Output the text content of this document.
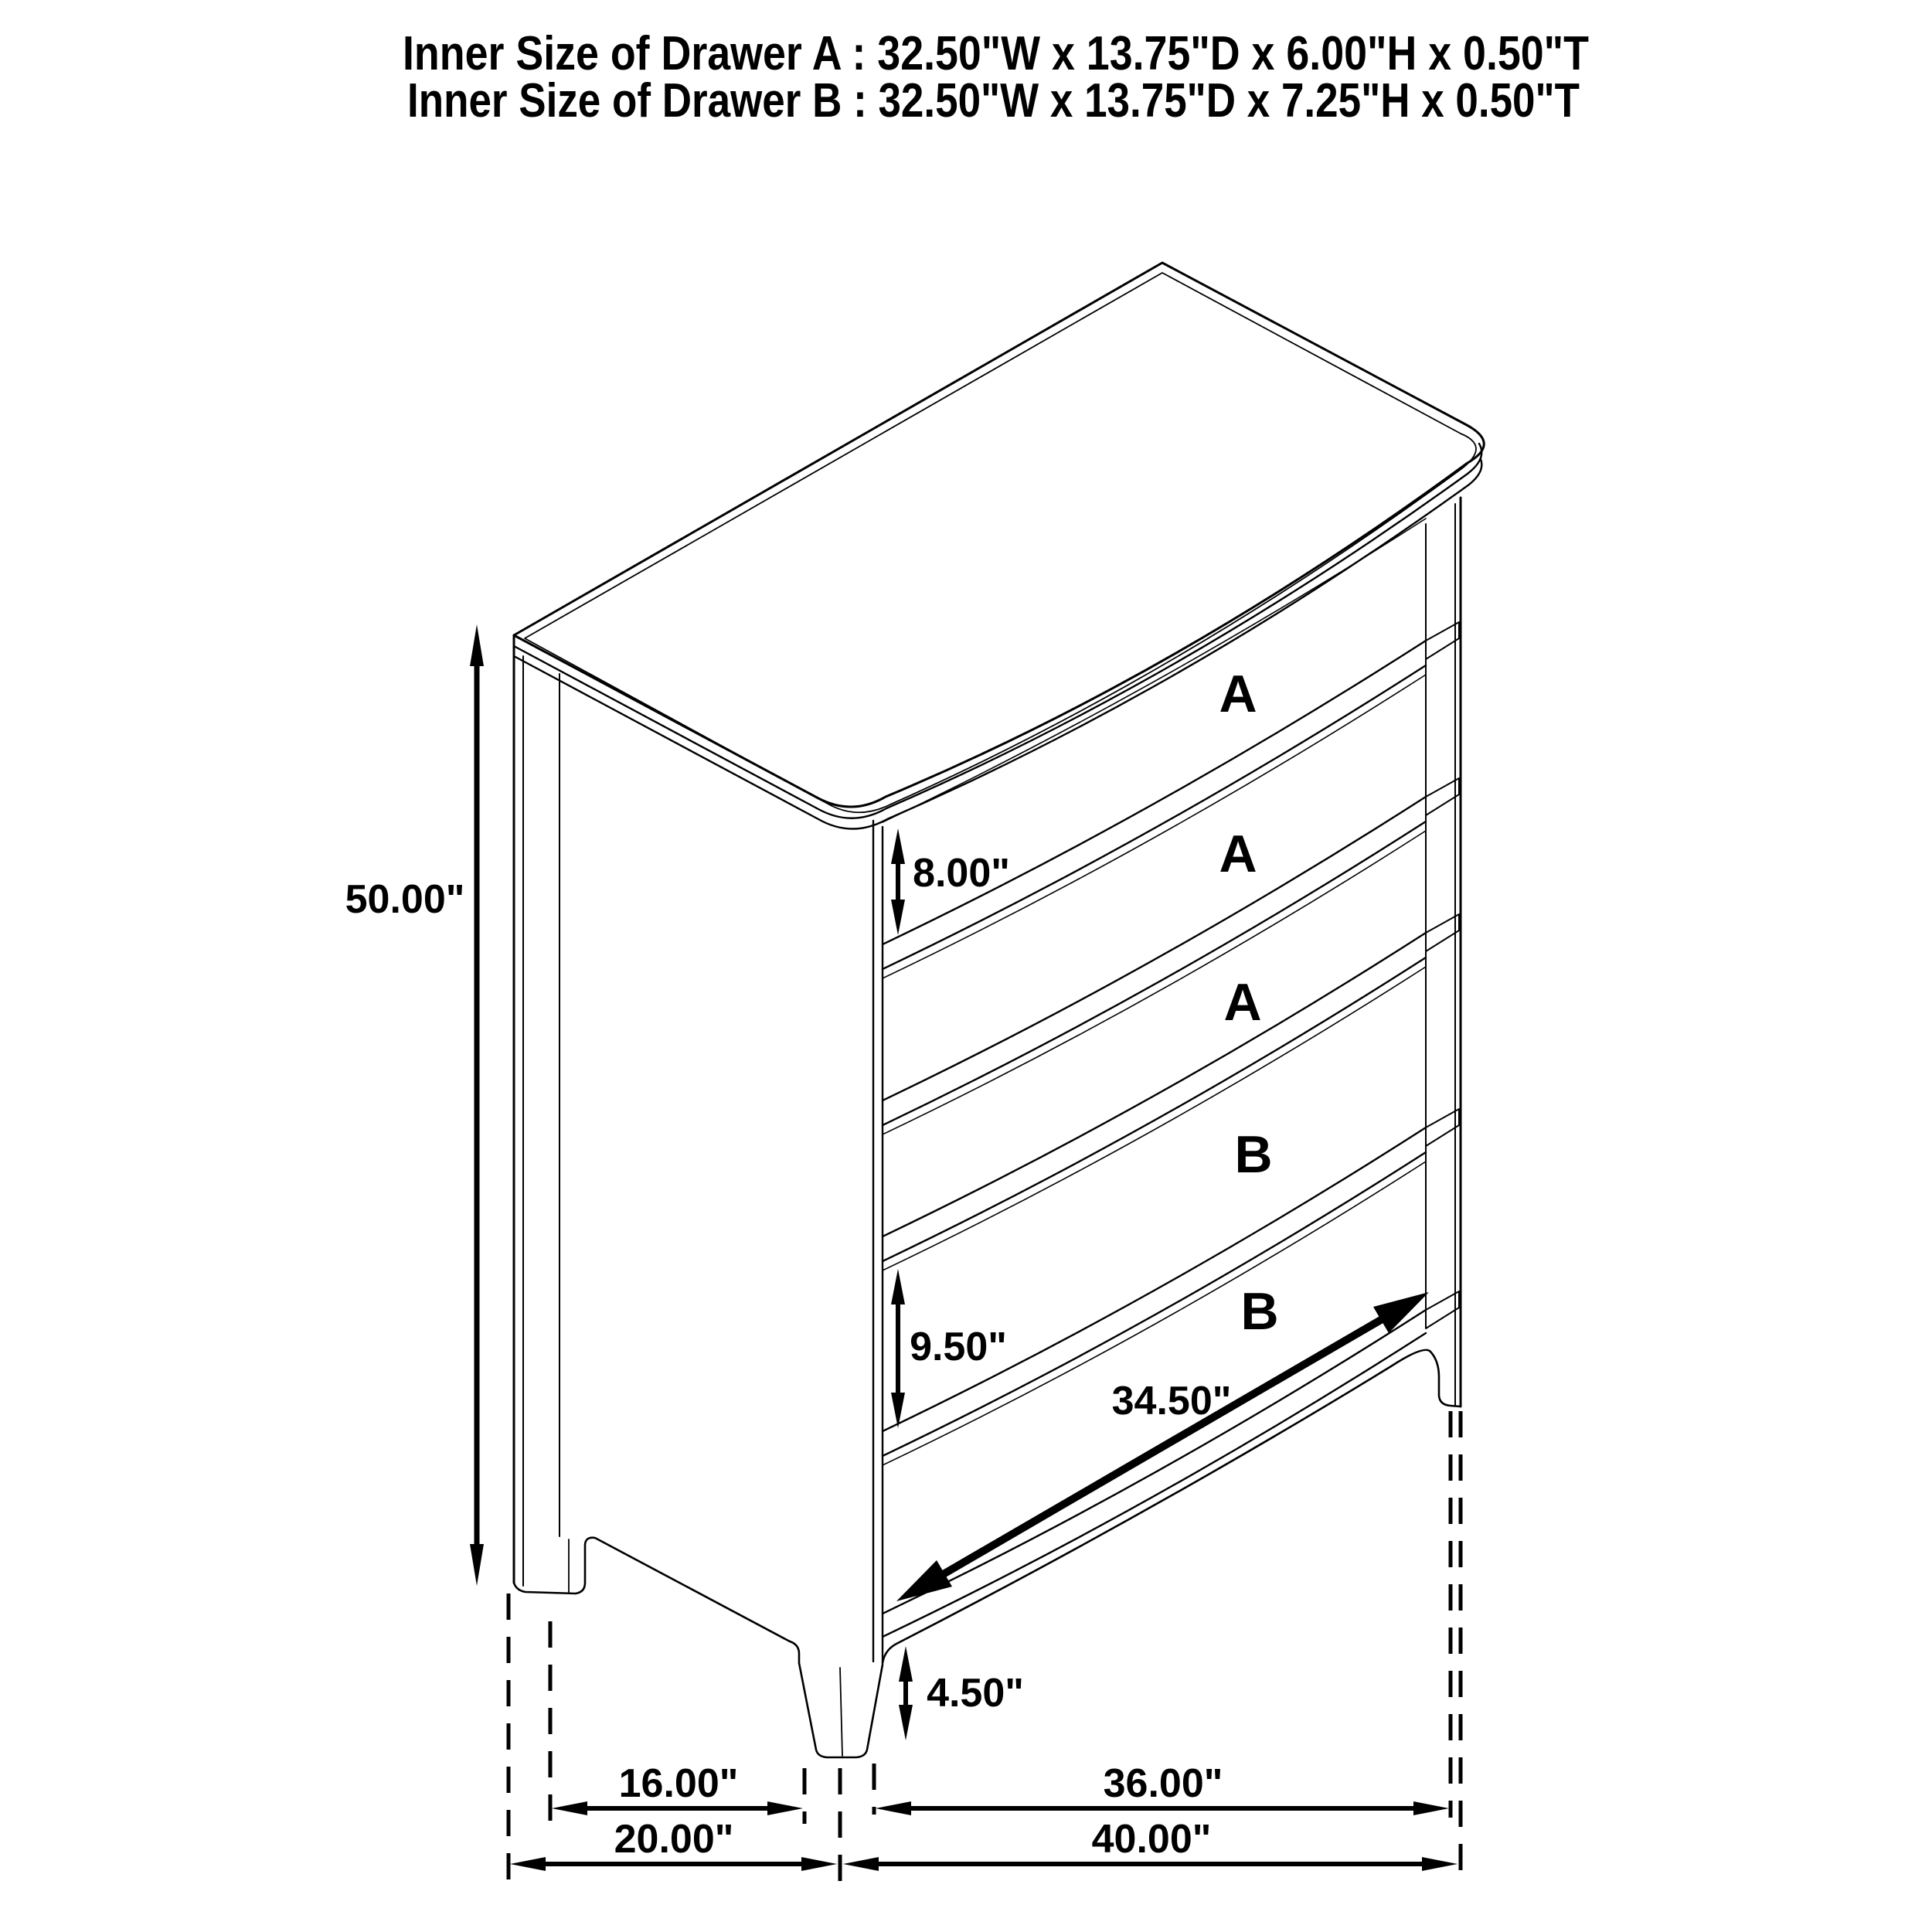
Inner Size of Drawer A : 32.50"W x 13.75"D x 6.00"H x 0.50"T
Inner Size of Drawer B : 32.50"W x 13.75"D x 7.25"H x 0.50"T
50.00"
8.00"
9.50"
34.50"
4.50"
16.00"	36.00"
20.00"	40.00"
A
A
A
B
B
